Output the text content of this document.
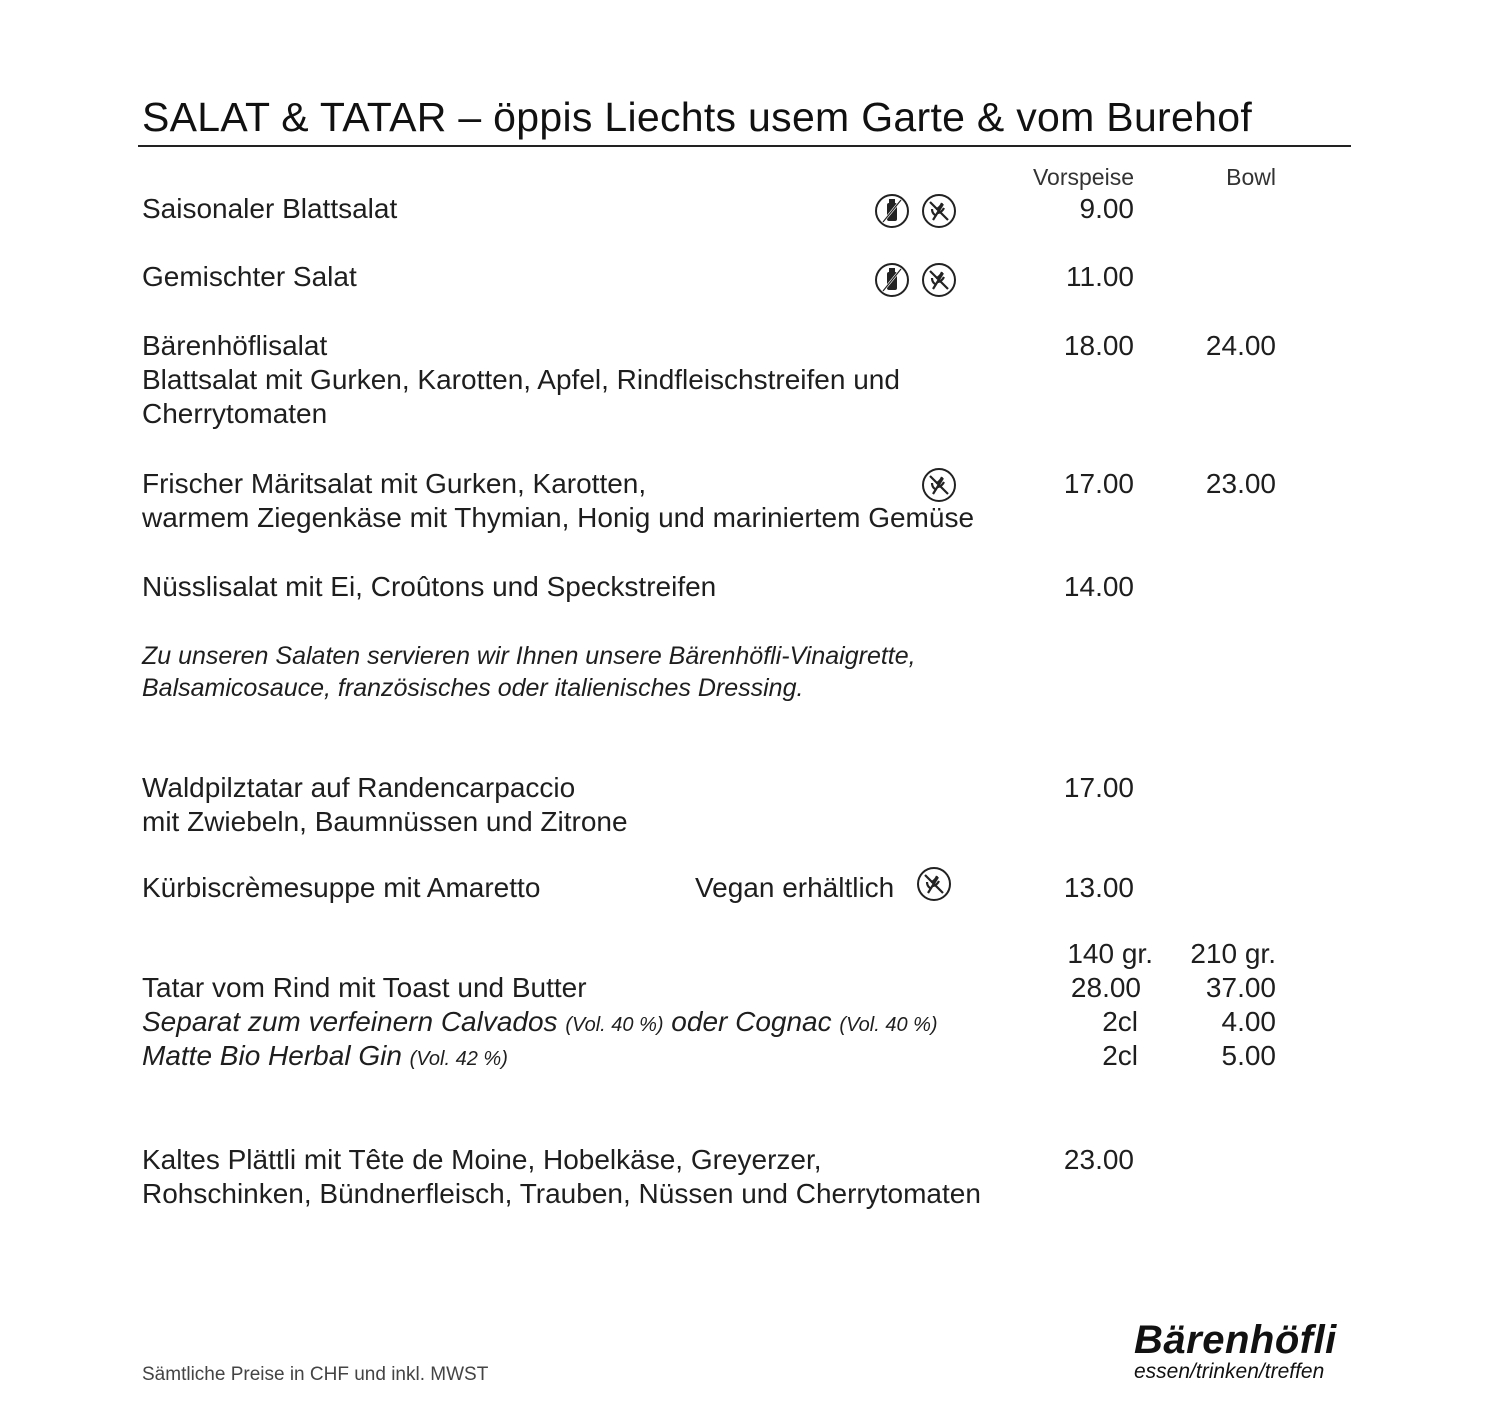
SALAT & TATAR – öppis Liechts usem Garte & vom Burehof
Vorspeise	Bowl
Saisonaler Blattsalat	9.00
Gemischter Salat	11.00
Bärenhöflisalat
Blattsalat mit Gurken, Karotten, Apfel, Rindfleischstreifen und
Cherrytomaten
18.00	24.00
Frischer Märitsalat mit Gurken, Karotten,
warmem Ziegenkäse mit Thymian, Honig und mariniertem Gemüse
17.00	23.00
Nüsslisalat mit Ei, Croûtons und Speckstreifen	14.00
Zu unseren Salaten servieren wir Ihnen unsere Bärenhöfli-Vinaigrette,
Balsamicosauce, französisches oder italienisches Dressing.
Waldpilztatar auf Randencarpaccio
mit Zwiebeln, Baumnüssen und Zitrone
17.00
Kürbiscrèmesuppe mit Amaretto	Vegan erhältlich	13.00
140 gr. 210 gr.
Tatar vom Rind mit Toast und Butter	28.00 37.00
Separat zum verfeinern Calvados (Vol. 40 %) oder Cognac (Vol. 40 %)	2cl	4.00
Matte Bio Herbal Gin (Vol. 42 %)	2cl	5.00
Kaltes Plättli mit Tête de Moine, Hobelkäse, Greyerzer,
Rohschinken, Bündnerfleisch, Trauben, Nüssen und Cherrytomaten
23.00
Sämtliche Preise in CHF und inkl. MWST
Bärenhöfli
essen/trinken/treffen
